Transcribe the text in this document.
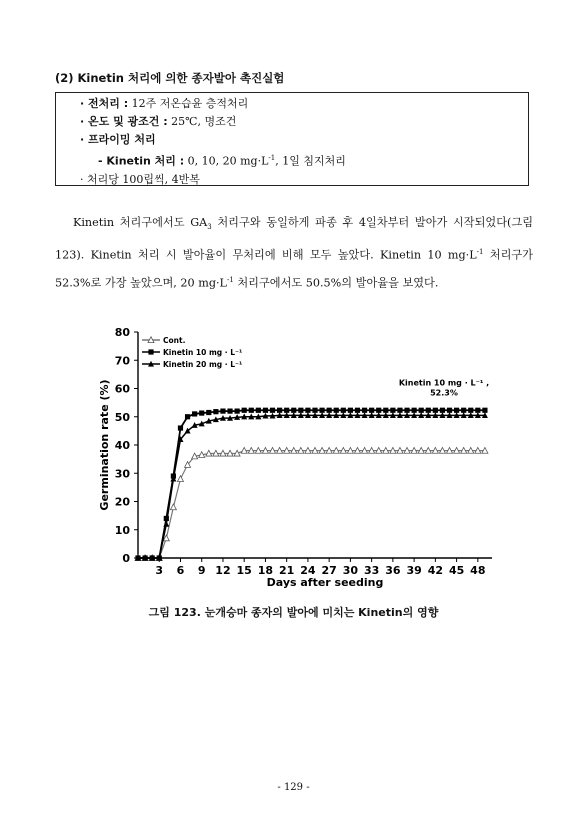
(2) Kinetin 처리에 의한 종자발아 촉진실험
· 전처리 : 12주 저온습윤 층적처리
· 온도 및 광조건 : 25℃, 명조건
· 프라이밍 처리
- Kinetin 처리 : 0, 10, 20 $mg\cdot L^{-1}$, 1일 침지처리
· 처리당 100립씩, 4반복
Kinetin 처리구에서도 $GA_3$ 처리구와 동일하게 파종 후 4일차부터 발아가 시작되었다(그림 123). Kinetin 처리 시 발아율이 무처리에 비해 모두 높았다. Kinetin 10 $mg\cdot L^{-1}$ 처리구가 52.3%로 가장 높았으며, 20 $mg\cdot L^{-1}$ 처리구에서도 50.5%의 발아율을 보였다.
0
10
20
30
40
50
60
70
80
3 6 9 12 15 18 21 24 27 30 33 36 39 42 45 48
Days after seeding
Germination rate (%)
Cont.
Kinetin 10 mg · L⁻¹
Kinetin 20 mg · L⁻¹
Kinetin 10 mg · L⁻¹ ,
52.3%
그림 123. 눈개승마 종자의 발아에 미치는 Kinetin의 영향
- 129 -
